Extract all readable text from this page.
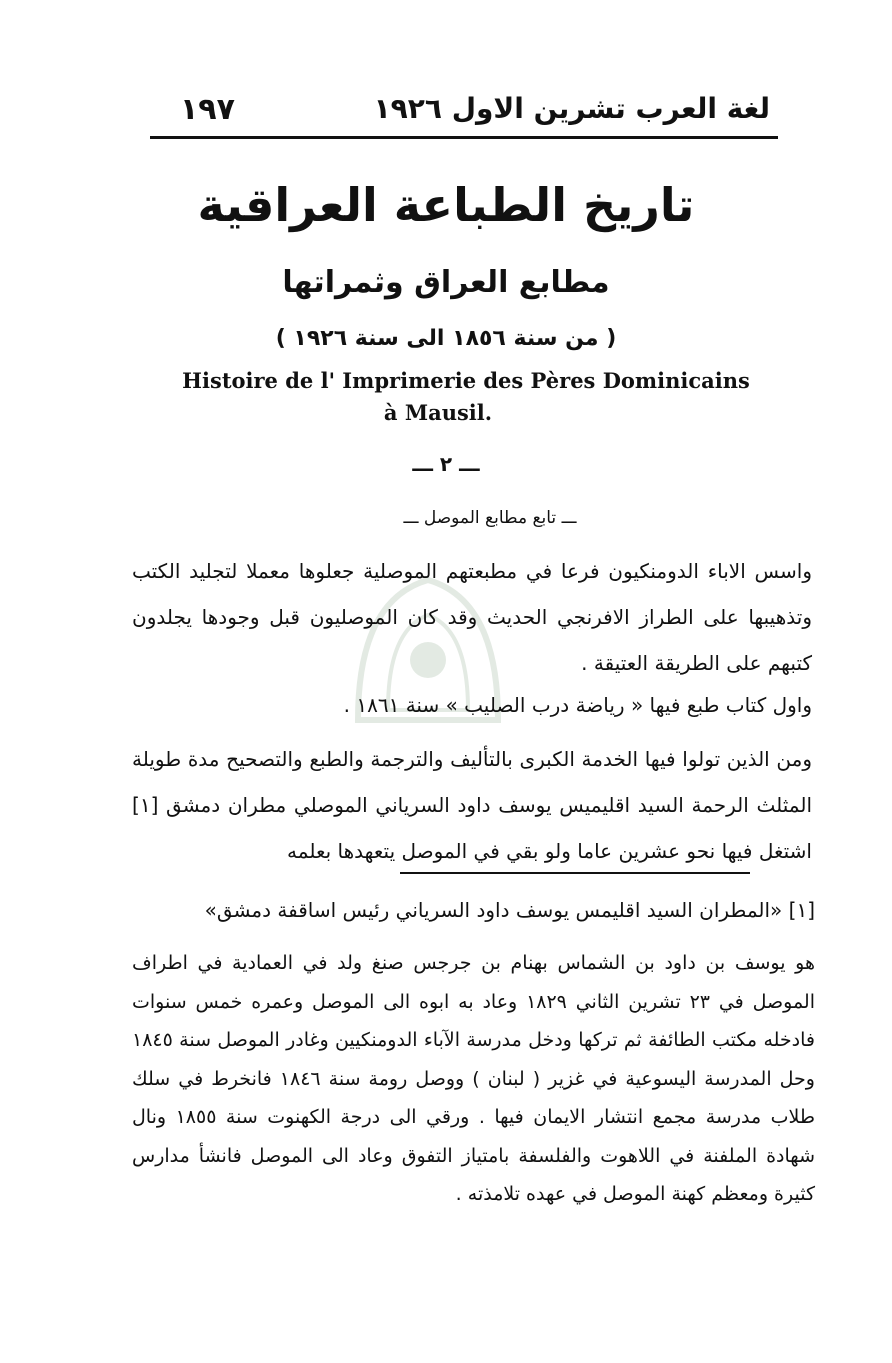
١٩٧	لغة العرب تشرين الاول ١٩٢٦
تاريخ الطباعة العراقية
مطابع العراق وثمراتها
( من سنة ١٨٥٦ الى سنة ١٩٢٦ )
Histoire de l' Imprimerie des Pères Dominicains
à Mausil.
ـــ ٢ ـــ
ـــ تابع مطابع الموصل ـــ

واسس الاباء الدومنكيون فرعا في مطبعتهم الموصلية جعلوها معملا لتجليد الكتب وتذهيبها على الطراز الافرنجي الحديث وقد كان الموصليون قبل وجودها يجلدون كتبهم على الطريقة العتيقة .

واول كتاب طبع فيها « رياضة درب الصليب » سنة ١٨٦١ .

ومن الذين تولوا فيها الخدمة الكبرى بالتأليف والترجمة والطبع والتصحيح مدة طويلة المثلث الرحمة السيد اقليميس يوسف داود السرياني الموصلي مطران دمشق [١] اشتغل فيها نحو عشرين عاما ولو بقي في الموصل يتعهدها بعلمه

[١] «المطران السيد اقليمس يوسف داود السرياني رئيس اساقفة دمشق»

هو يوسف بن داود بن الشماس بهنام بن جرجس صنغ ولد في العمادية في اطراف الموصل في ٢٣ تشرين الثاني ١٨٢٩ وعاد به ابوه الى الموصل وعمره خمس سنوات فادخله مكتب الطائفة ثم تركها ودخل مدرسة الآباء الدومنكيين وغادر الموصل سنة ١٨٤٥ وحل المدرسة اليسوعية في غزير ( لبنان ) ووصل رومة سنة ١٨٤٦ فانخرط في سلك طلاب مدرسة مجمع انتشار الايمان فيها . ورقي الى درجة الكهنوت سنة ١٨٥٥ ونال شهادة الملفنة في اللاهوت والفلسفة بامتياز التفوق وعاد الى الموصل فانشأ مدارس كثيرة ومعظم كهنة الموصل في عهده تلامذته .
